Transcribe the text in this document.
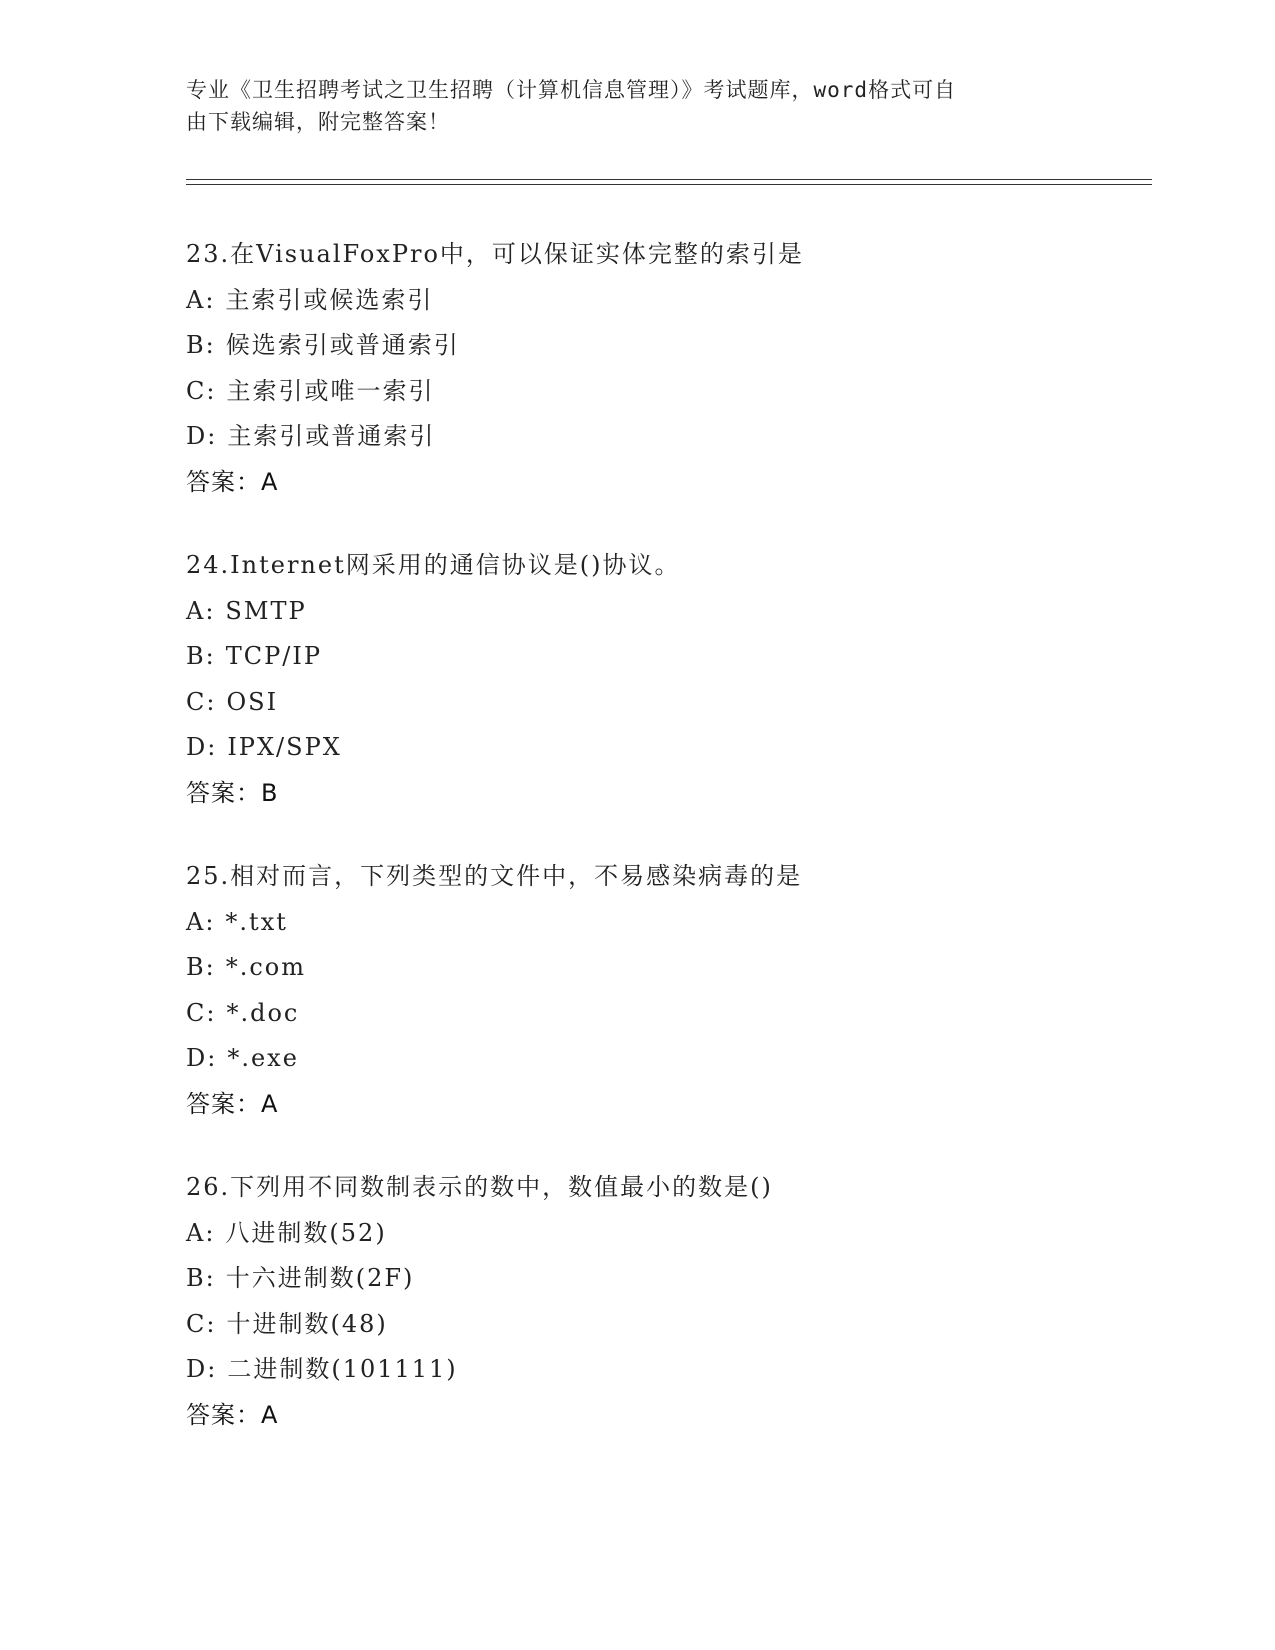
专业《卫生招聘考试之卫生招聘（计算机信息管理）》考试题库，word格式可自
由下载编辑，附完整答案！
23.在VisualFoxPro中，可以保证实体完整的索引是
A: 主索引或候选索引
B: 候选索引或普通索引
C: 主索引或唯一索引
D: 主索引或普通索引
答案：A
24.Internet网采用的通信协议是()协议。
A: SMTP
B: TCP/IP
C: OSI
D: IPX/SPX
答案：B
25.相对而言，下列类型的文件中，不易感染病毒的是
A: *.txt
B: *.com
C: *.doc
D: *.exe
答案：A
26.下列用不同数制表示的数中，数值最小的数是()
A: 八进制数(52)
B: 十六进制数(2F)
C: 十进制数(48)
D: 二进制数(101111)
答案：A
